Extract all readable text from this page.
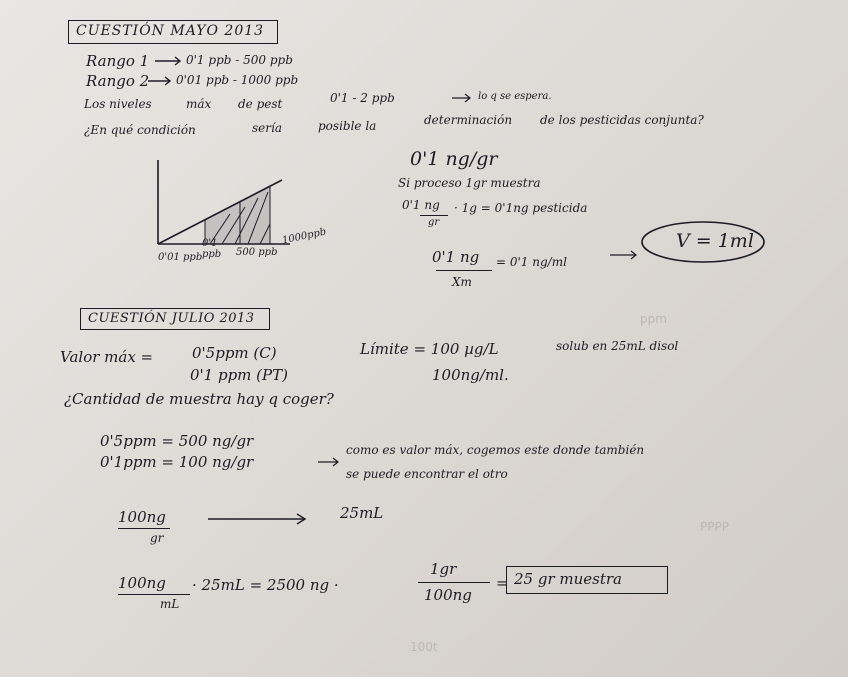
ppm
PPPP
100t
CUESTIÓN MAYO 2013
Rango 1	0'1 ppb - 500 ppb
Rango 2 0'01 ppb - 1000 ppb
Los niveles	máx de pest	0'1 - 2 ppb	lo q se espera.
¿En qué condición	sería	posible la	determinación de los pesticidas conjunta?
0'01 ppb
0'1 ppb	500 ppb
1000ppb
0'1 ng/gr
Si proceso 1gr muestra
0'1 ng
gr
· 1g = 0'1ng pesticida
0'1 ng
Xm
= 0'1 ng/ml
V = 1ml
CUESTIÓN JULIO 2013
Valor máx =	0'5ppm (C)
0'1 ppm (PT)
Límite = 100 µg/L
100ng/ml.
solub en 25mL disol
¿Cantidad de muestra hay q coger?
0'5ppm = 500 ng/gr
0'1ppm = 100 ng/gr
como es valor máx, cogemos este donde también
se puede encontrar el otro
100ng
gr
25mL
100ng
mL
· 25mL = 2500 ng ·
1gr
100ng
= 25 gr muestra
